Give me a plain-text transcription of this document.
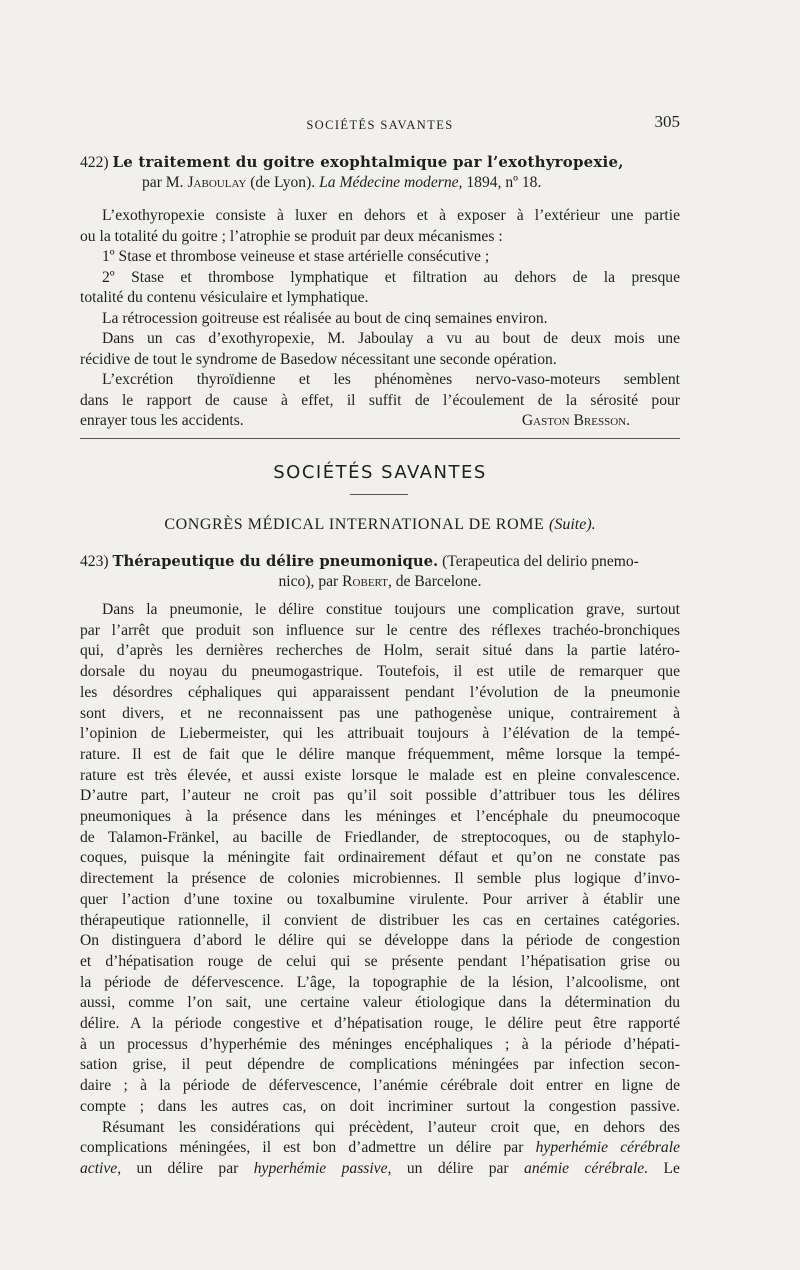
SOCIÉTÉS SAVANTES	305
422) Le traitement du goitre exophtalmique par l’exothyropexie,
par M. Jaboulay (de Lyon). La Médecine moderne, 1894, nº 18.

L’exothyropexie consiste à luxer en dehors et à exposer à l’extérieur une partie

ou la totalité du goitre ; l’atrophie se produit par deux mécanismes :

1º Stase et thrombose veineuse et stase artérielle consécutive ;

2º Stase et thrombose lymphatique et filtration au dehors de la presque

totalité du contenu vésiculaire et lymphatique.

La rétrocession goitreuse est réalisée au bout de cinq semaines environ.

Dans un cas d’exothyropexie, M. Jaboulay a vu au bout de deux mois une

récidive de tout le syndrome de Basedow nécessitant une seconde opération.

L’excrétion thyroïdienne et les phénomènes nervo-vaso-moteurs semblent

dans le rapport de cause à effet, il suffit de l’écoulement de la sérosité pour

enrayer tous les accidents.	Gaston Bresson.
SOCIÉTÉS SAVANTES
CONGRÈS MÉDICAL INTERNATIONAL DE ROME (Suite).
423) Thérapeutique du délire pneumonique. (Terapeutica del delirio pnemo-
nico), par Robert, de Barcelone.

Dans la pneumonie, le délire constitue toujours une complication grave, surtout

par l’arrêt que produit son influence sur le centre des réflexes trachéo-bronchiques

qui, d’après les dernières recherches de Holm, serait situé dans la partie latéro-

dorsale du noyau du pneumogastrique. Toutefois, il est utile de remarquer que

les désordres céphaliques qui apparaissent pendant l’évolution de la pneumonie

sont divers, et ne reconnaissent pas une pathogenèse unique, contrairement à

l’opinion de Liebermeister, qui les attribuait toujours à l’élévation de la tempé-

rature. Il est de fait que le délire manque fréquemment, même lorsque la tempé-

rature est très élevée, et aussi existe lorsque le malade est en pleine convalescence.

D’autre part, l’auteur ne croit pas qu’il soit possible d’attribuer tous les délires

pneumoniques à la présence dans les méninges et l’encéphale du pneumocoque

de Talamon-Fränkel, au bacille de Friedlander, de streptocoques, ou de staphylo-

coques, puisque la méningite fait ordinairement défaut et qu’on ne constate pas

directement la présence de colonies microbiennes. Il semble plus logique d’invo-

quer l’action d’une toxine ou toxalbumine virulente. Pour arriver à établir une

thérapeutique rationnelle, il convient de distribuer les cas en certaines catégories.

On distinguera d’abord le délire qui se développe dans la période de congestion

et d’hépatisation rouge de celui qui se présente pendant l’hépatisation grise ou

la période de défervescence. L’âge, la topographie de la lésion, l’alcoolisme, ont

aussi, comme l’on sait, une certaine valeur étiologique dans la détermination du

délire. A la période congestive et d’hépatisation rouge, le délire peut être rapporté

à un processus d’hyperhémie des méninges encéphaliques ; à la période d’hépati-

sation grise, il peut dépendre de complications méningées par infection secon-

daire ; à la période de défervescence, l’anémie cérébrale doit entrer en ligne de

compte ; dans les autres cas, on doit incriminer surtout la congestion passive.

Résumant les considérations qui précèdent, l’auteur croit que, en dehors des

complications méningées, il est bon d’admettre un délire par hyperhémie cérébrale

active, un délire par hyperhémie passive, un délire par anémie cérébrale. Le
